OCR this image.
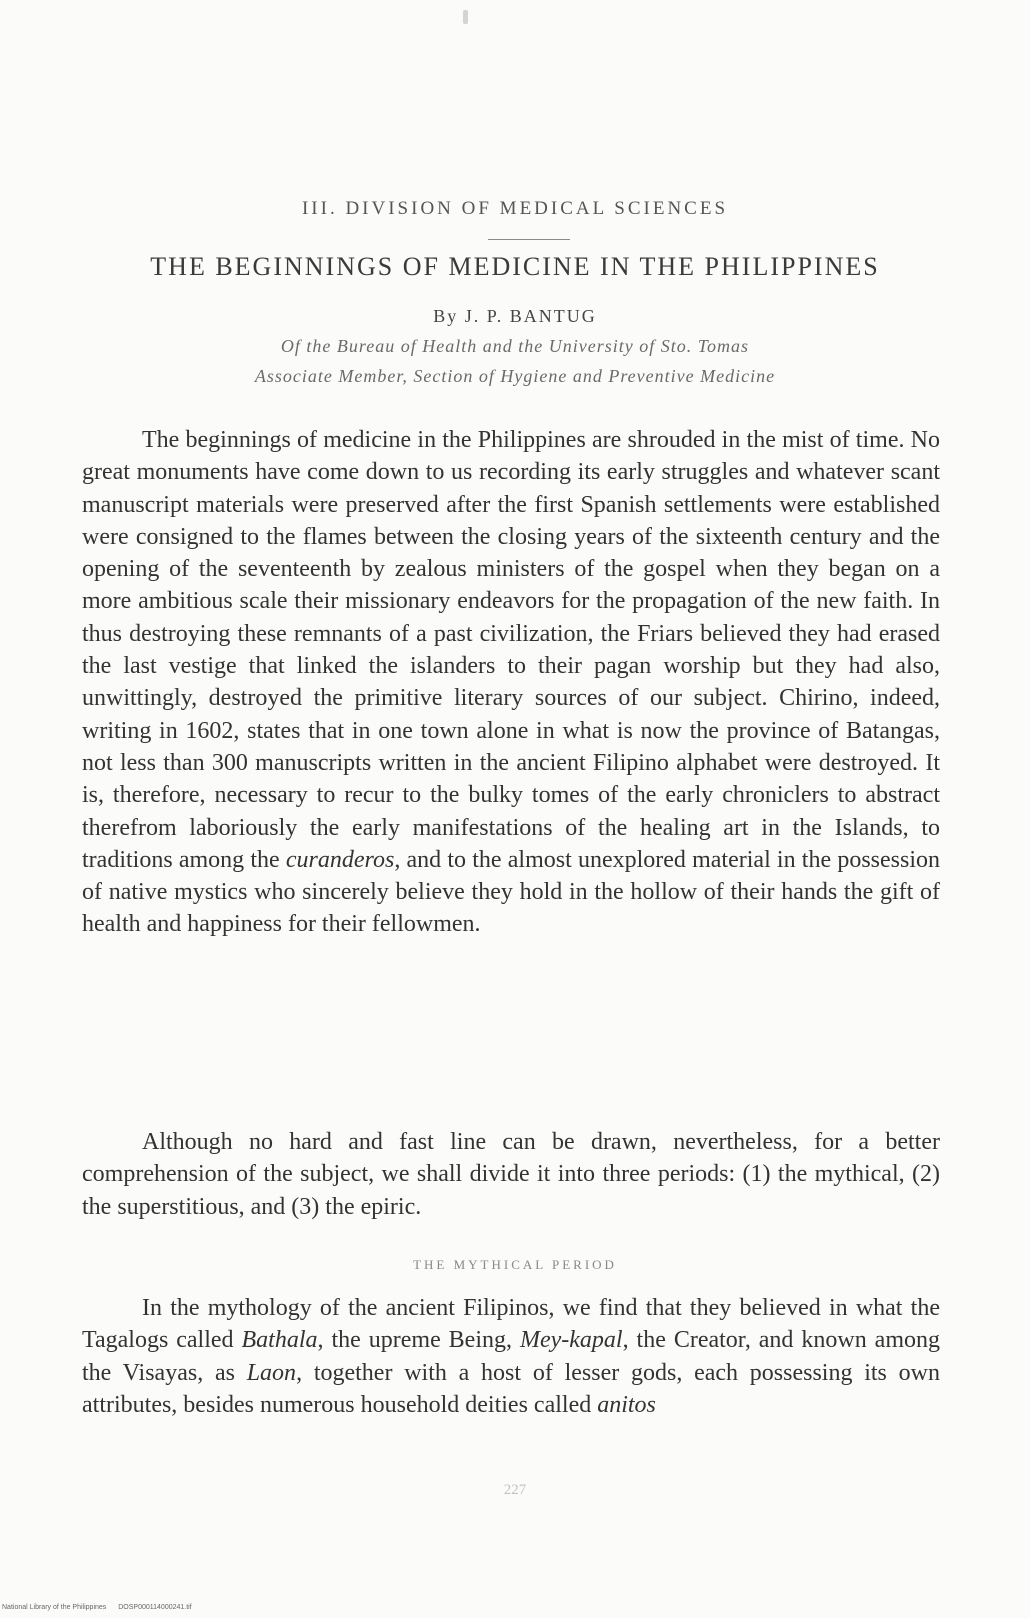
III. DIVISION OF MEDICAL SCIENCES
THE BEGINNINGS OF MEDICINE IN THE PHILIPPINES
By J. P. BANTUG
Of the Bureau of Health and the University of Sto. Tomas
Associate Member, Section of Hygiene and Preventive Medicine

The beginnings of medicine in the Philippines are shrouded in the mist of time. No great monuments have come down to us recording its early struggles and whatever scant manuscript materials were preserved after the first Spanish settlements were established were consigned to the flames between the closing years of the sixteenth century and the opening of the seventeenth by zealous ministers of the gospel when they began on a more ambitious scale their missionary endeavors for the propagation of the new faith. In thus destroying these remnants of a past civilization, the Friars believed they had erased the last vestige that linked the islanders to their pagan worship but they had also, unwittingly, destroyed the primitive literary sources of our subject. Chirino, indeed, writing in 1602, states that in one town alone in what is now the province of Batangas, not less than 300 manuscripts written in the ancient Filipino alphabet were destroyed. It is, therefore, necessary to recur to the bulky tomes of the early chroniclers to abstract therefrom laboriously the early manifestations of the healing art in the Islands, to traditions among the curanderos, and to the almost unexplored material in the possession of native mystics who sincerely believe they hold in the hollow of their hands the gift of health and happiness for their fellowmen.

Although no hard and fast line can be drawn, nevertheless, for a better comprehension of the subject, we shall divide it into three periods: (1) the mythical, (2) the superstitious, and (3) the epiric.

THE MYTHICAL PERIOD

In the mythology of the ancient Filipinos, we find that they believed in what the Tagalogs called Bathala, the upreme Being, Mey-kapal, the Creator, and known among the Visayas, as Laon, together with a host of lesser gods, each possessing its own attributes, besides numerous household deities called anitos

227
National Library of the Philippines DOSP000114000241.tif
